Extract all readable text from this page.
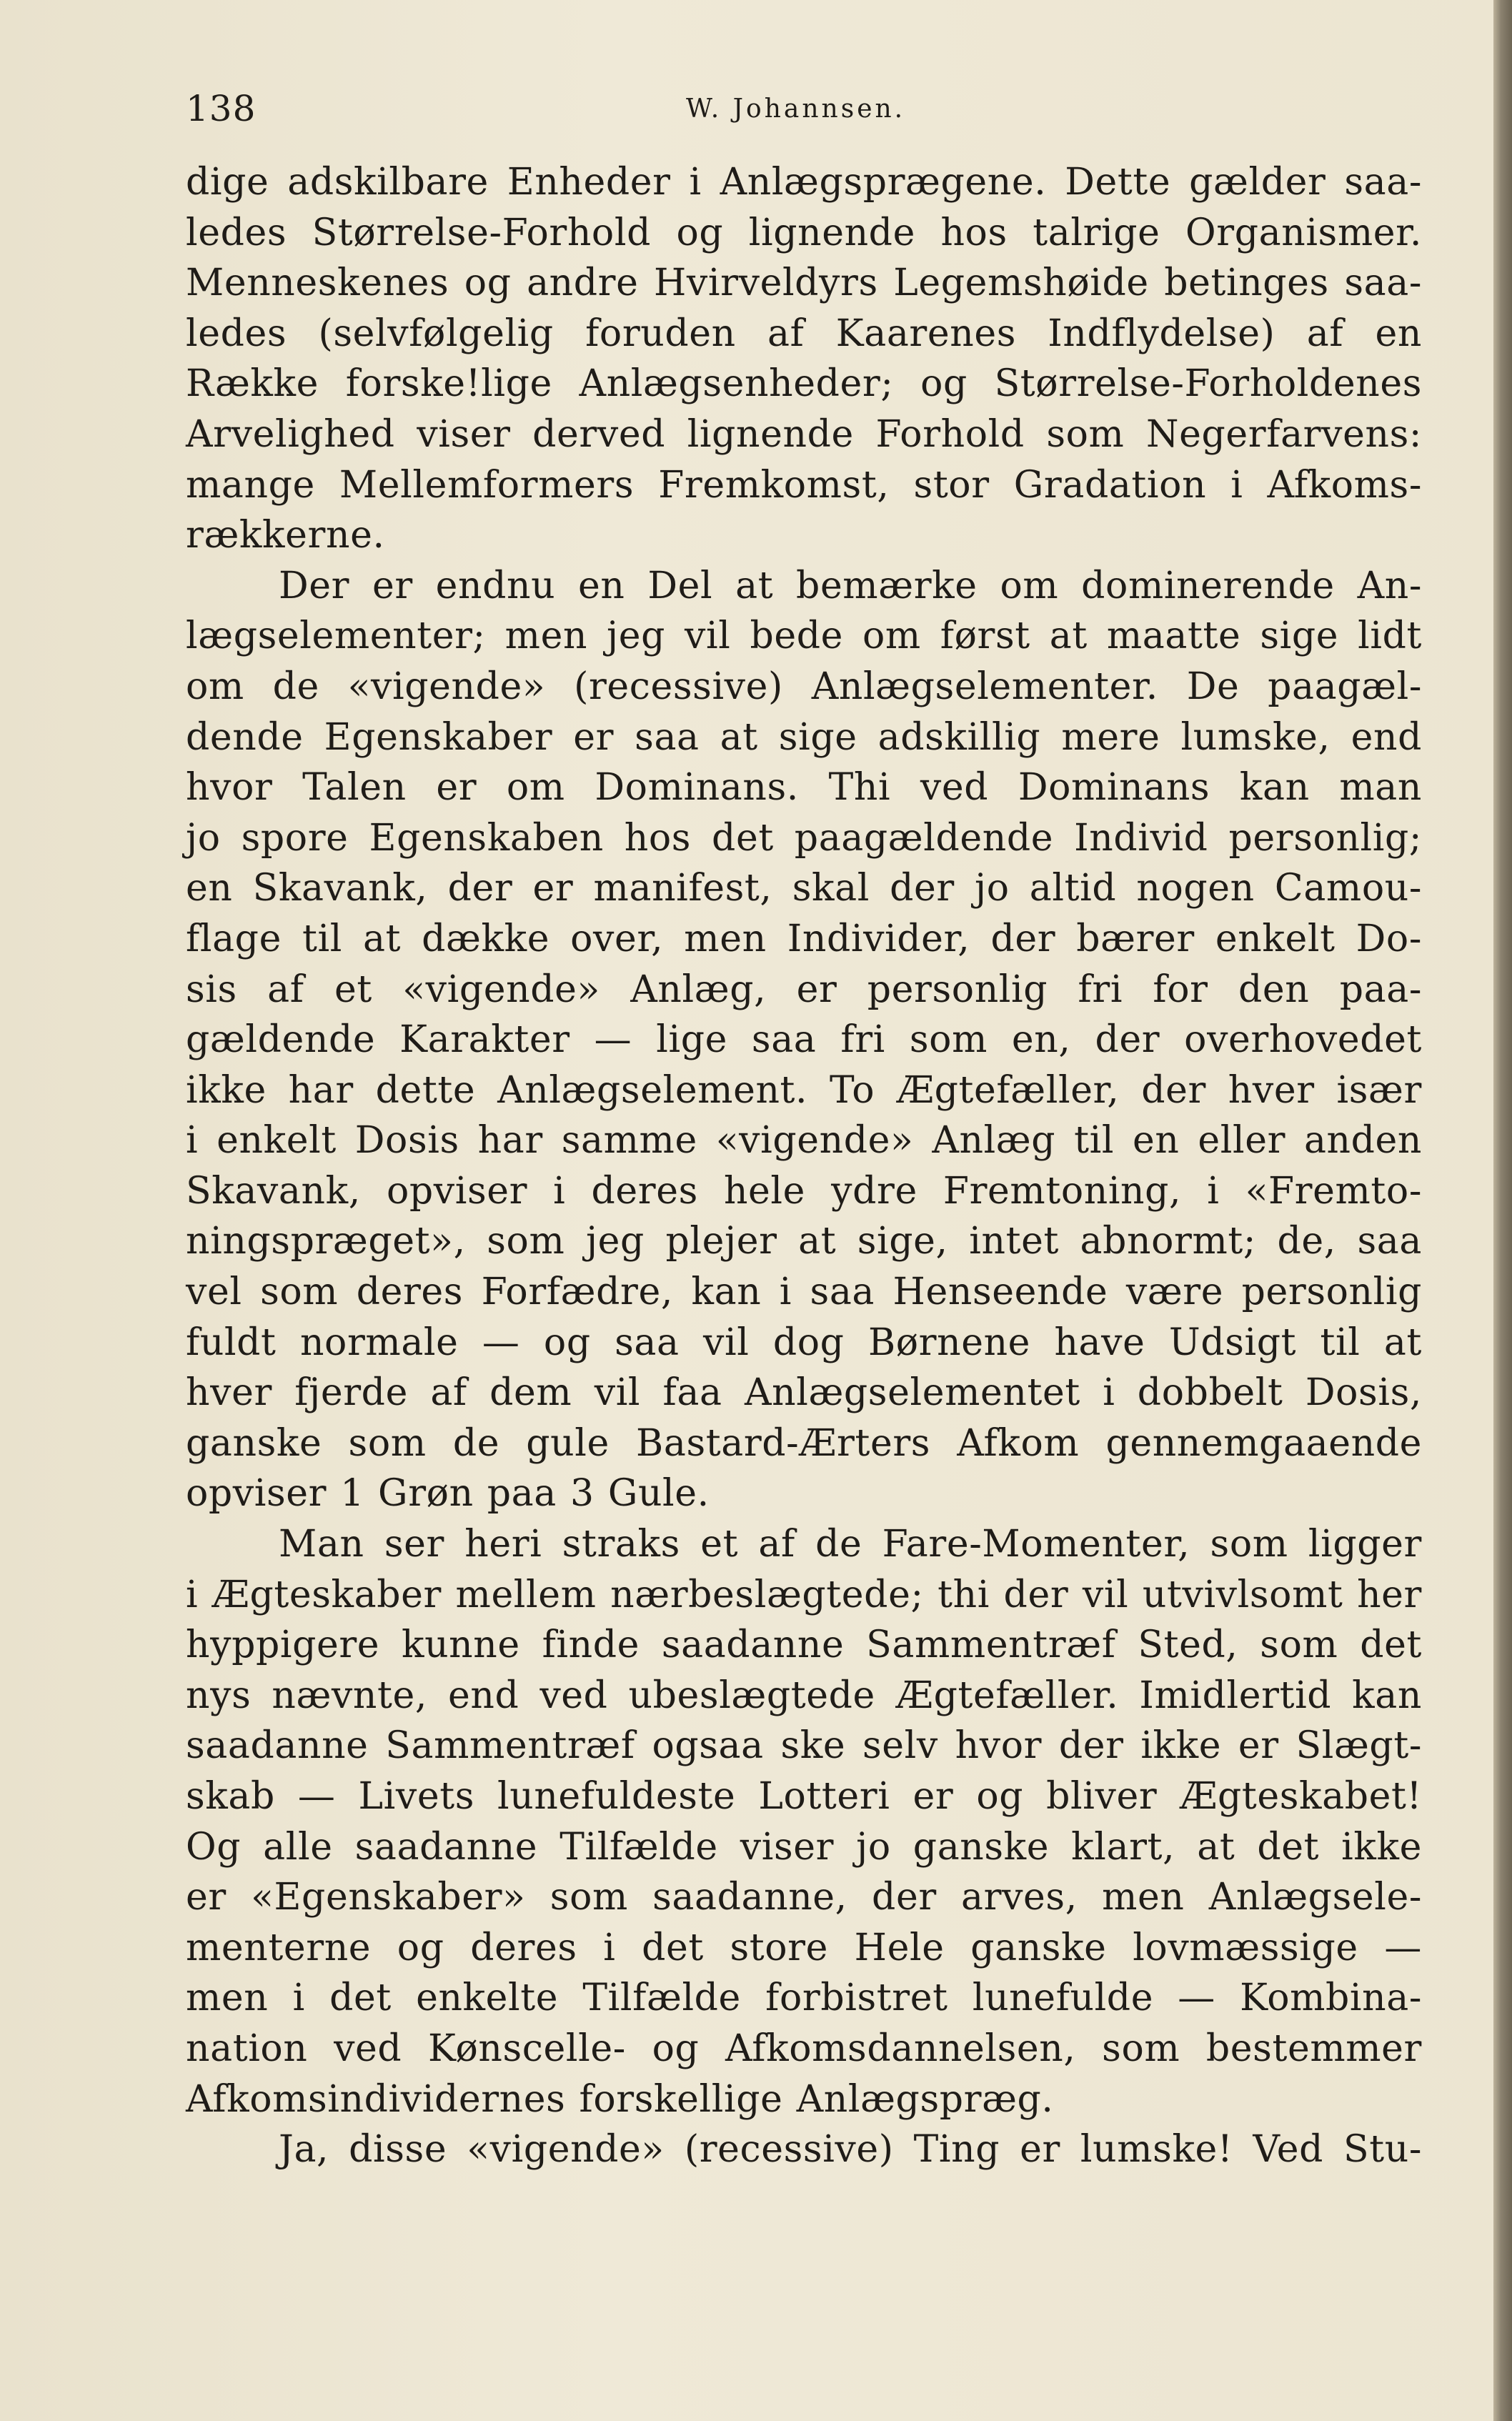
138	W. Johannsen.
dige adskilbare Enheder i Anlægsprægene. Dette gælder saa-
ledes Størrelse-Forhold og lignende hos talrige Organismer.
Menneskenes og andre Hvirveldyrs Legemshøide betinges saa-
ledes (selvfølgelig foruden af Kaarenes Indflydelse) af en
Række forske!lige Anlægsenheder; og Størrelse-Forholdenes
Arvelighed viser derved lignende Forhold som Negerfarvens:
mange Mellemformers Fremkomst, stor Gradation i Afkoms-
rækkerne.
Der er endnu en Del at bemærke om dominerende An-
lægselementer; men jeg vil bede om først at maatte sige lidt
om de «vigende» (recessive) Anlægselementer. De paagæl-
dende Egenskaber er saa at sige adskillig mere lumske, end
hvor Talen er om Dominans. Thi ved Dominans kan man
jo spore Egenskaben hos det paagældende Individ personlig;
en Skavank, der er manifest, skal der jo altid nogen Camou-
flage til at dække over, men Individer, der bærer enkelt Do-
sis af et «vigende» Anlæg, er personlig fri for den paa-
gældende Karakter — lige saa fri som en, der overhovedet
ikke har dette Anlægselement. To Ægtefæller, der hver især
i enkelt Dosis har samme «vigende» Anlæg til en eller anden
Skavank, opviser i deres hele ydre Fremtoning, i «Fremto-
ningspræget», som jeg plejer at sige, intet abnormt; de, saa
vel som deres Forfædre, kan i saa Henseende være personlig
fuldt normale — og saa vil dog Børnene have Udsigt til at
hver fjerde af dem vil faa Anlægselementet i dobbelt Dosis,
ganske som de gule Bastard-Ærters Afkom gennemgaaende
opviser 1 Grøn paa 3 Gule.
Man ser heri straks et af de Fare-Momenter, som ligger
i Ægteskaber mellem nærbeslægtede; thi der vil utvivlsomt her
hyppigere kunne finde saadanne Sammentræf Sted, som det
nys nævnte, end ved ubeslægtede Ægtefæller. Imidlertid kan
saadanne Sammentræf ogsaa ske selv hvor der ikke er Slægt-
skab — Livets lunefuldeste Lotteri er og bliver Ægteskabet!
Og alle saadanne Tilfælde viser jo ganske klart, at det ikke
er «Egenskaber» som saadanne, der arves, men Anlægsele-
menterne og deres i det store Hele ganske lovmæssige —
men i det enkelte Tilfælde forbistret lunefulde — Kombina-
nation ved Kønscelle- og Afkomsdannelsen, som bestemmer
Afkomsindividernes forskellige Anlægspræg.
Ja, disse «vigende» (recessive) Ting er lumske! Ved Stu-
